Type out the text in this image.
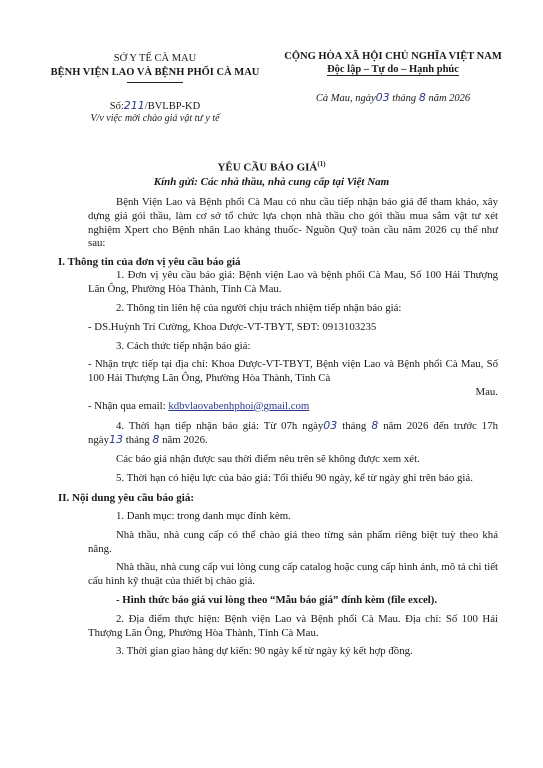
SỞ Y TẾ CÀ MAU
BỆNH VIỆN LAO VÀ BỆNH PHỔI CÀ MAU
Số:211/BVLBP-KD
V/v việc mời chào giá vật tư y tế
CỘNG HÒA XÃ HỘI CHỦ NGHĨA VIỆT NAM
Độc lập – Tự do – Hạnh phúc
Cà Mau, ngày03 tháng 8 năm 2026
YÊU CẦU BÁO GIÁ$^{(1)}$
Kính gửi: Các nhà thầu, nhà cung cấp tại Việt Nam
Bệnh Viện Lao và Bệnh phổi Cà Mau có nhu cầu tiếp nhận báo giá để tham khảo, xây dựng giá gói thầu, làm cơ sở tổ chức lựa chọn nhà thầu cho gói thầu mua sắm vật tư xét nghiệm Xpert cho Bệnh nhân Lao kháng thuốc- Nguồn Quỹ toàn cầu năm 2026 cụ thể như sau:
I. Thông tin của đơn vị yêu cầu báo giá
1. Đơn vị yêu cầu báo giá: Bệnh viện Lao và bệnh phổi Cà Mau, Số 100 Hải Thượng Lãn Ông, Phường Hòa Thành, Tỉnh Cà Mau.
2. Thông tin liên hệ của người chịu trách nhiệm tiếp nhận báo giá:
- DS.Huỳnh Trí Cường, Khoa Dược-VT-TBYT, SĐT: 0913103235
3. Cách thức tiếp nhận báo giá:
- Nhận trực tiếp tại địa chỉ: Khoa Dược-VT-TBYT, Bệnh viện Lao và Bệnh phổi Cà Mau, Số 100 Hải Thượng Lãn Ông, Phường Hòa Thành, Tỉnh Cà
Mau.
- Nhận qua email: kdbvlaovabenhphoi@gmail.com
4. Thời hạn tiếp nhận báo giá: Từ 07h ngày03 tháng 8 năm 2026 đến trước 17h ngày13 tháng 8 năm 2026.
Các báo giá nhận được sau thời điểm nêu trên sẽ không được xem xét.
5. Thời hạn có hiệu lực của báo giá: Tối thiểu 90 ngày, kể từ ngày ghi trên báo giá.
II. Nội dung yêu cầu báo giá:
1. Danh mục: trong danh mục đính kèm.
Nhà thầu, nhà cung cấp có thể chào giá theo từng sản phẩm riêng biệt tuỳ theo khả năng.
Nhà thầu, nhà cung cấp vui lòng cung cấp catalog hoặc cung cấp hình ảnh, mô tả chi tiết cấu hình kỹ thuật của thiết bị chào giá.
- Hình thức báo giá vui lòng theo “Mẫu báo giá” đính kèm (file excel).
2. Địa điểm thực hiện: Bệnh viện Lao và Bệnh phổi Cà Mau. Địa chỉ: Số 100 Hải Thượng Lãn Ông, Phường Hòa Thành, Tỉnh Cà Mau.
3. Thời gian giao hàng dự kiến: 90 ngày kể từ ngày ký kết hợp đồng.
